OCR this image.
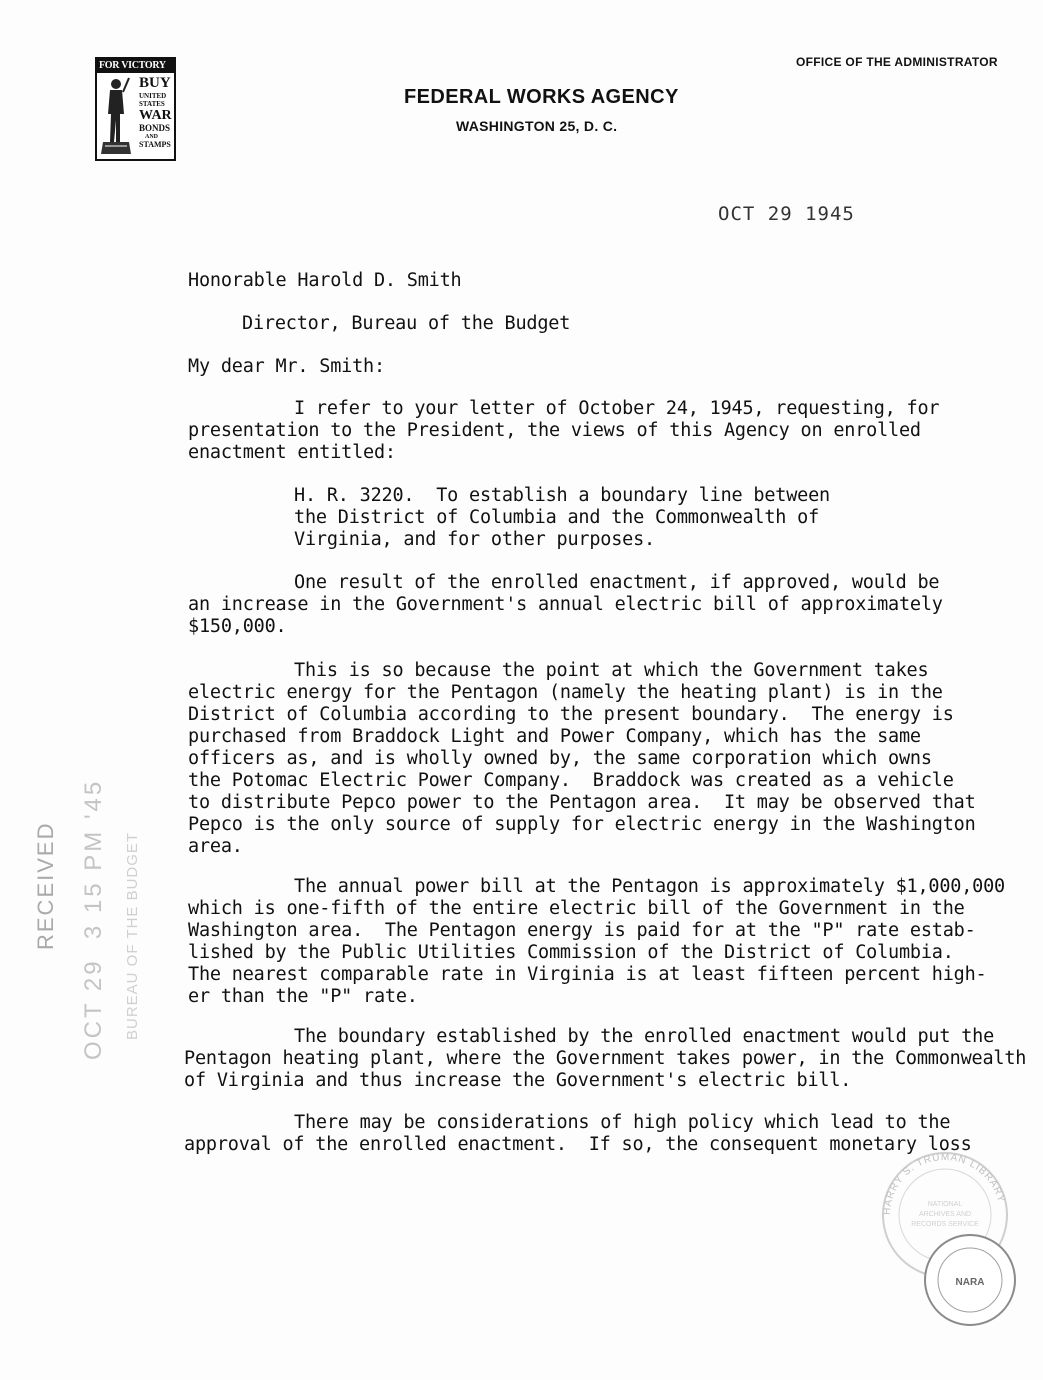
FOR VICTORY
BUY
UNITED
STATES
WAR
BONDS
AND
STAMPS
OFFICE OF THE ADMINISTRATOR
FEDERAL WORKS AGENCY
WASHINGTON 25, D. C.
OCT 29 1945
Honorable Harold D. Smith
Director, Bureau of the Budget
My dear Mr. Smith:
I refer to your letter of October 24, 1945, requesting, for
presentation to the President, the views of this Agency on enrolled
enactment entitled:
H. R. 3220.  To establish a boundary line between
the District of Columbia and the Commonwealth of
Virginia, and for other purposes.
One result of the enrolled enactment, if approved, would be
an increase in the Government's annual electric bill of approximately
$150,000.
This is so because the point at which the Government takes
electric energy for the Pentagon (namely the heating plant) is in the
District of Columbia according to the present boundary.  The energy is
purchased from Braddock Light and Power Company, which has the same
officers as, and is wholly owned by, the same corporation which owns
the Potomac Electric Power Company.  Braddock was created as a vehicle
to distribute Pepco power to the Pentagon area.  It may be observed that
Pepco is the only source of supply for electric energy in the Washington
area.
The annual power bill at the Pentagon is approximately $1,000,000
which is one-fifth of the entire electric bill of the Government in the
Washington area.  The Pentagon energy is paid for at the "P" rate estab-
lished by the Public Utilities Commission of the District of Columbia.
The nearest comparable rate in Virginia is at least fifteen percent high-
er than the "P" rate.
The boundary established by the enrolled enactment would put the
Pentagon heating plant, where the Government takes power, in the Commonwealth
of Virginia and thus increase the Government's electric bill.
There may be considerations of high policy which lead to the
approval of the enrolled enactment.  If so, the consequent monetary loss
RECEIVED OCT 29  3 15 PM '45 BUREAU OF THE BUDGET
HARRY S. TRUMAN LIBRARY
NATIONAL
ARCHIVES AND
RECORDS SERVICE
NARA
